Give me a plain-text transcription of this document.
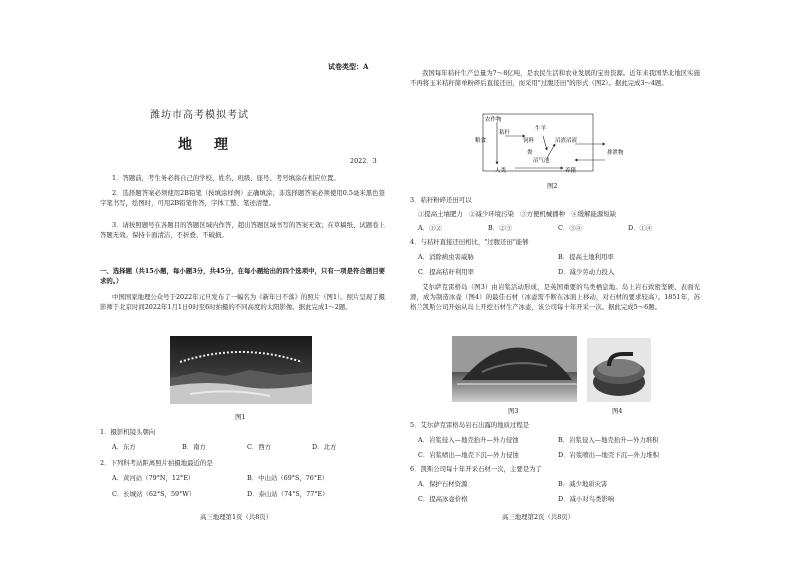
试卷类型：A
潍坊市高考模拟考试
地　理
2022．3
1．答题前，考生务必将自己的学校、姓名、班级、座号、考号填涂在相应位置。
2．选择题答案必须使用2B铅笔（按填涂样例）正确填涂；非选择题答案必须使用0.5毫米黑色签字笔书写，绘图时，可用2B铅笔作答，字体工整、笔迹清楚。
3．请按照题号在各题目的答题区域内作答，超出答题区域书写的答案无效；在草稿纸、试题卷上答题无效。保持卡面清洁，不折叠、不破损。
一、选择题（共15小题，每小题3分，共45分，在每小题给出的四个选项中，只有一项是符合题目要求的。）
中国国家地理公众号于2022年元旦发布了一幅名为《新年日不落》的照片（图1）。照片呈现了摄影师于北京时间2022年1月1日0时至6时拍摄的不同高度的太阳影像。据此完成1～2题。
图1
1．摄影机镜头朝向
A．东方	B．南方	C．西方	D．北方
2．下列科考站距离照片拍摄地最近的是
A．黄河站（79°N，12°E）	B．中山站（69°S，76°E）
C．长城站（62°S，59°W）	D．泰山站（74°S，77°E）
高三地理第1页（共8页）
我国每年秸秆生产总量为7～8亿吨，是农民生活和农业发展的宝贵资源。近年来我国华北地区实施不再将玉米秸秆简单粉碎后直接还田，而采用"过腹还田"的形式（图2）。据此完成3～4题。
农作物
粮食
秸秆
饲料
牛羊
粪
沼气池
沼渣沼液
排泄物
人类	养猪
图2
3．秸秆粉碎还田可以
①提高土壤肥力　②减少环境污染　③方便机械播种　④缓解能源短缺
A．①②	B．②③	C．③④	D．①④
4．与秸秆直接还田相比，"过腹还田"能够
A．消除病虫害威胁	B．提高土地利用率
C．提高秸秆利用率	D．减少劳动力投入
艾尔萨克雷格岛（图3）由岩浆活动形成，是英国重要的鸟类栖息地。岛上岩石致密坚硬、表面光滑，成为制造冰壶（图4）的最佳石材（冰壶需不断在冰面上移动，对石材的要求较高）。1851年，苏格兰凯斯公司开始从岛上开挖石材生产冰壶，该公司每十年开采一次。据此完成5～6题。
图3	图4
5．艾尔萨克雷格岛岩石出露的地质过程是
A．岩浆侵入—地壳抬升—外力侵蚀	B．岩浆侵入—地壳抬升—外力堆积
C．岩浆喷出—地壳下沉—外力侵蚀	D．岩浆喷出—地壳下沉—外力堆积
6．凯斯公司每十年开采石材一次，主要是为了
A．保护石材资源	B．减少地质灾害
C．提高冰壶价格	D．减小对鸟类影响
高三地理第2页（共8页）
